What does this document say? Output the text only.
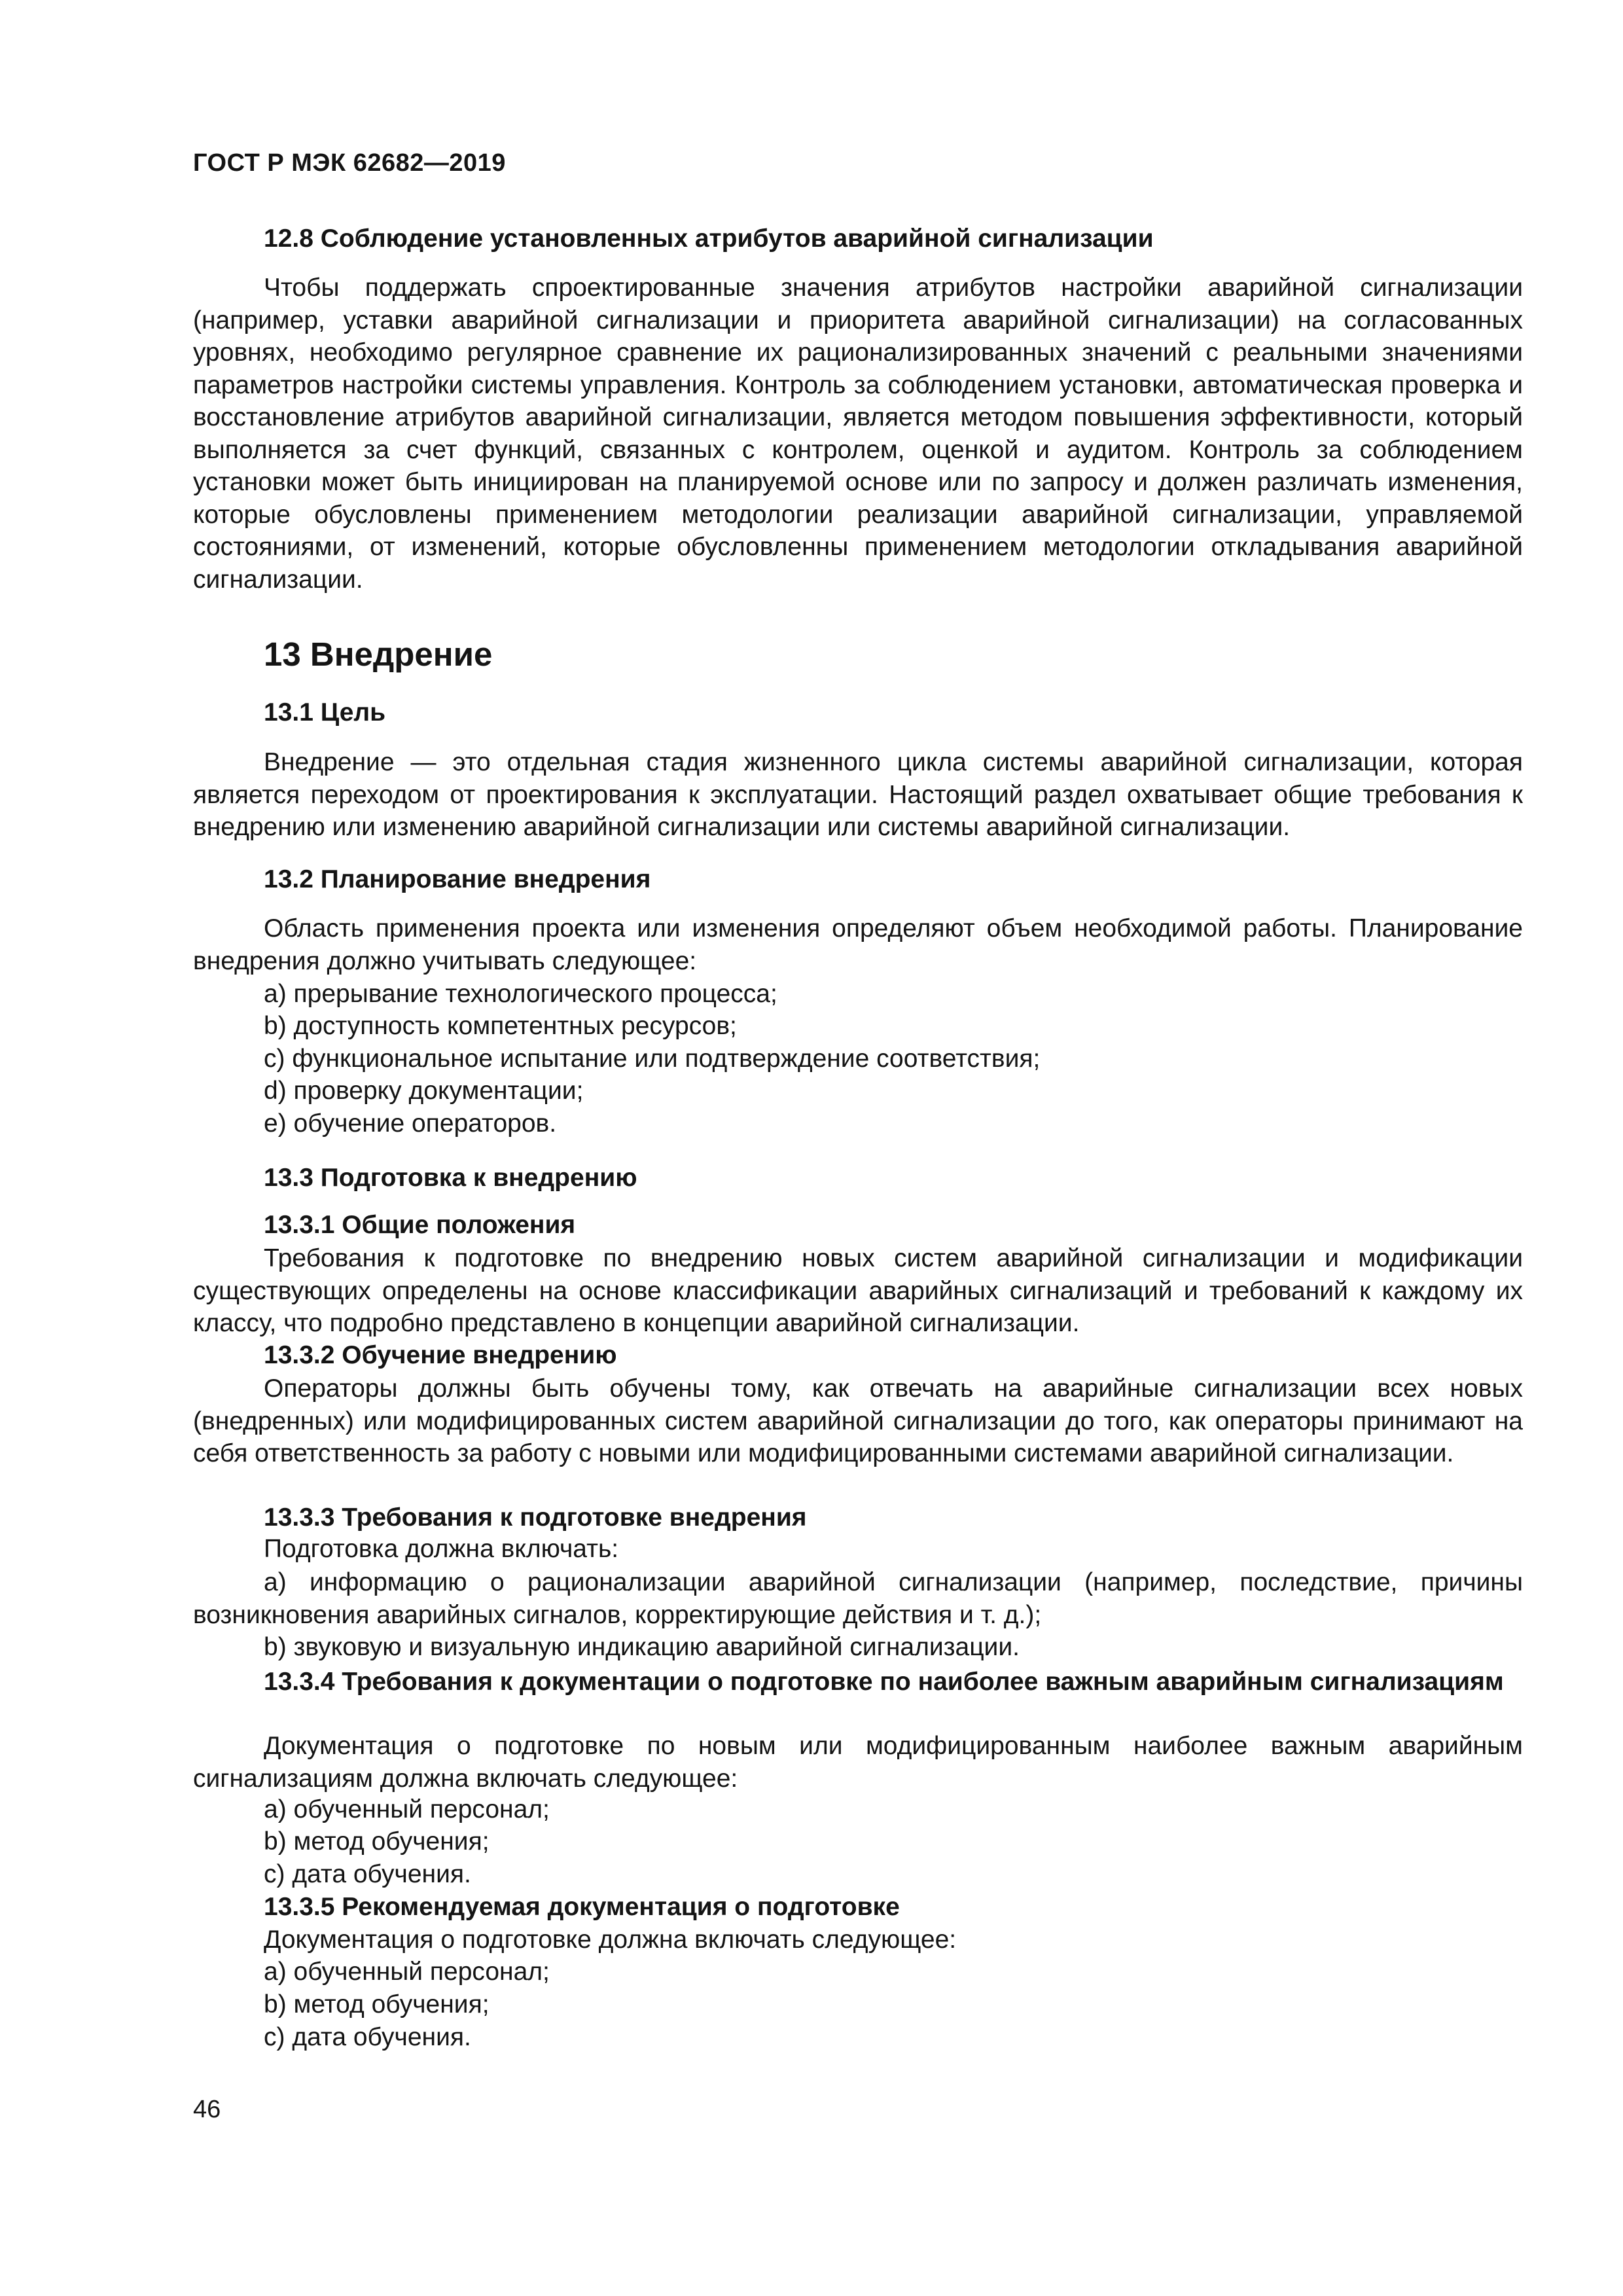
ГОСТ Р МЭК 62682—2019
12.8 Соблюдение установленных атрибутов аварийной сигнализации
Чтобы поддержать спроектированные значения атрибутов настройки аварийной сигнализации (например, уставки аварийной сигнализации и приоритета аварийной сигнализации) на согласованных уровнях, необходимо регулярное сравнение их рационализированных значений с реальными значениями параметров настройки системы управления. Контроль за соблюдением установки, автоматическая проверка и восстановление атрибутов аварийной сигнализации, является методом повышения эффективности, который выполняется за счет функций, связанных с контролем, оценкой и аудитом. Контроль за соблюдением установки может быть инициирован на планируемой основе или по запросу и должен различать изменения, которые обусловлены применением методологии реализации аварийной сигнализации, управляемой состояниями, от изменений, которые обусловленны применением методологии откладывания аварийной сигнализации.
13 Внедрение
13.1 Цель
Внедрение — это отдельная стадия жизненного цикла системы аварийной сигнализации, которая является переходом от проектирования к эксплуатации. Настоящий раздел охватывает общие требования к внедрению или изменению аварийной сигнализации или системы аварийной сигнализации.
13.2 Планирование внедрения
Область применения проекта или изменения определяют объем необходимой работы. Планирование внедрения должно учитывать следующее:
a) прерывание технологического процесса;
b) доступность компетентных ресурсов;
c) функциональное испытание или подтверждение соответствия;
d) проверку документации;
e) обучение операторов.
13.3 Подготовка к внедрению
13.3.1 Общие положения
Требования к подготовке по внедрению новых систем аварийной сигнализации и модификации существующих определены на основе классификации аварийных сигнализаций и требований к каждому их классу, что подробно представлено в концепции аварийной сигнализации.
13.3.2 Обучение внедрению
Операторы должны быть обучены тому, как отвечать на аварийные сигнализации всех новых (внедренных) или модифицированных систем аварийной сигнализации до того, как операторы принимают на себя ответственность за работу с новыми или модифицированными системами аварийной сигнализации.
13.3.3 Требования к подготовке внедрения
Подготовка должна включать:
a) информацию о рационализации аварийной сигнализации (например, последствие, причины возникновения аварийных сигналов, корректирующие действия и т. д.);
b) звуковую и визуальную индикацию аварийной сигнализации.
13.3.4 Требования к документации о подготовке по наиболее важным аварийным сигнализациям
Документация о подготовке по новым или модифицированным наиболее важным аварийным сигнализациям должна включать следующее:
a) обученный персонал;
b) метод обучения;
c) дата обучения.
13.3.5 Рекомендуемая документация о подготовке
Документация о подготовке должна включать следующее:
a) обученный персонал;
b) метод обучения;
c) дата обучения.
46
